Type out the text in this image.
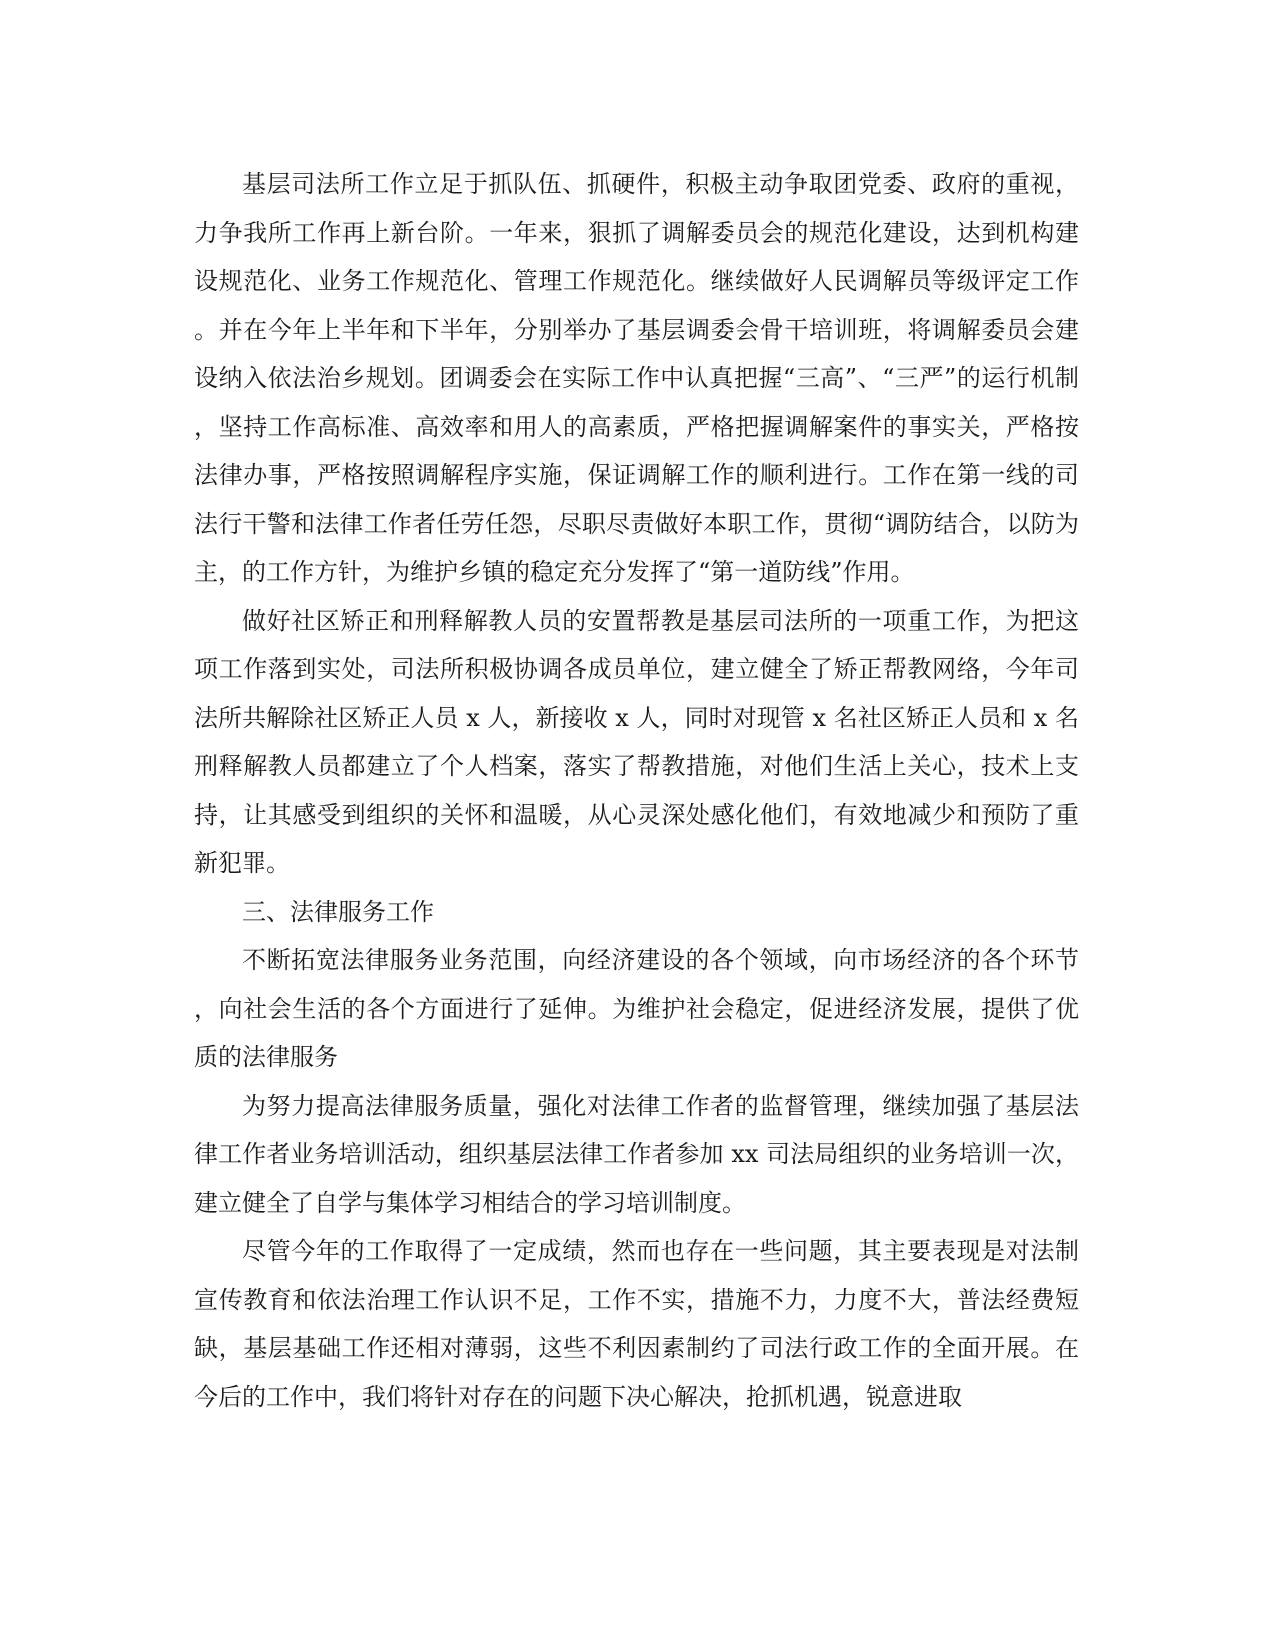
基层司法所工作立足于抓队伍、抓硬件，积极主动争取团党委、政府的重视，力争我所工作再上新台阶。一年来，狠抓了调解委员会的规范化建设，达到机构建设规范化、业务工作规范化、管理工作规范化。继续做好人民调解员等级评定工作。并在今年上半年和下半年，分别举办了基层调委会骨干培训班，将调解委员会建设纳入依法治乡规划。团调委会在实际工作中认真把握“三高”、“三严”的运行机制，坚持工作高标准、高效率和用人的高素质，严格把握调解案件的事实关，严格按法律办事，严格按照调解程序实施，保证调解工作的顺利进行。工作在第一线的司法行干警和法律工作者任劳任怨，尽职尽责做好本职工作，贯彻“调防结合，以防为主，的工作方针，为维护乡镇的稳定充分发挥了“第一道防线”作用。

做好社区矫正和刑释解教人员的安置帮教是基层司法所的一项重工作，为把这项工作落到实处，司法所积极协调各成员单位，建立健全了矫正帮教网络，今年司法所共解除社区矫正人员 x 人，新接收 x 人，同时对现管 x 名社区矫正人员和 x 名刑释解教人员都建立了个人档案，落实了帮教措施，对他们生活上关心，技术上支持，让其感受到组织的关怀和温暖，从心灵深处感化他们，有效地减少和预防了重新犯罪。

三、法律服务工作

不断拓宽法律服务业务范围，向经济建设的各个领域，向市场经济的各个环节，向社会生活的各个方面进行了延伸。为维护社会稳定，促进经济发展，提供了优质的法律服务

为努力提高法律服务质量，强化对法律工作者的监督管理，继续加强了基层法律工作者业务培训活动，组织基层法律工作者参加 xx 司法局组织的业务培训一次，建立健全了自学与集体学习相结合的学习培训制度。

尽管今年的工作取得了一定成绩，然而也存在一些问题，其主要表现是对法制宣传教育和依法治理工作认识不足，工作不实，措施不力，力度不大，普法经费短缺，基层基础工作还相对薄弱，这些不利因素制约了司法行政工作的全面开展。在今后的工作中，我们将针对存在的问题下决心解决，抢抓机遇，锐意进取
